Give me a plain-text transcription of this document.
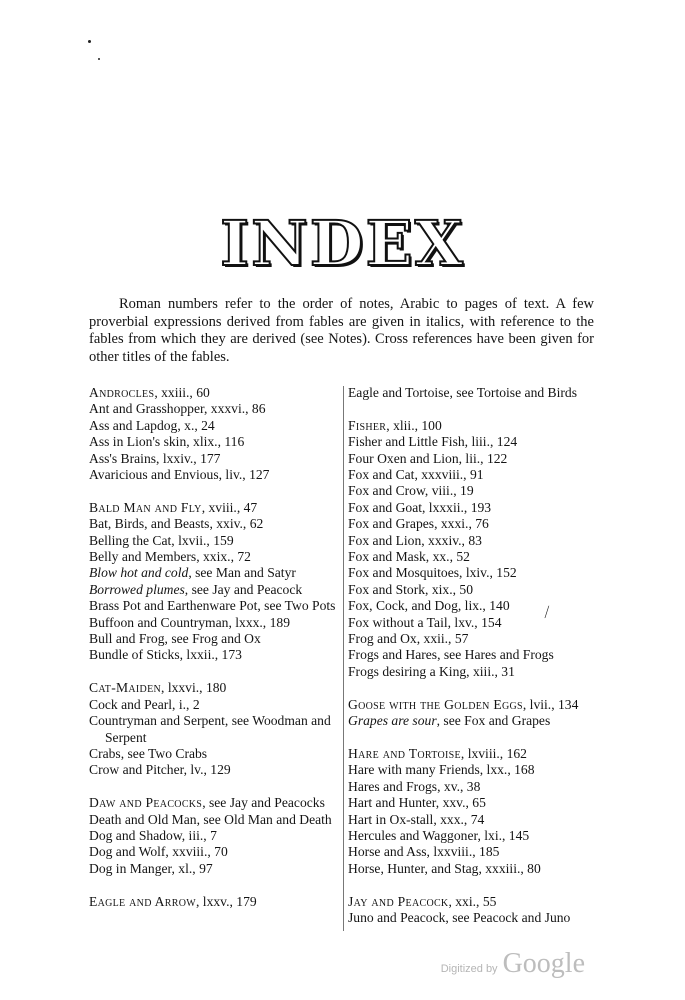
INDEX

Roman numbers refer to the order of notes, Arabic to pages of text. A few proverbial expressions derived from fables are given in italics, with reference to the fables from which they are derived (see Notes). Cross references have been given for other titles of the fables.

Androcles, xxiii., 60
Ant and Grasshopper, xxxvi., 86
Ass and Lapdog, x., 24
Ass in Lion's skin, xlix., 116
Ass's Brains, lxxiv., 177
Avaricious and Envious, liv., 127
Bald Man and Fly, xviii., 47
Bat, Birds, and Beasts, xxiv., 62
Belling the Cat, lxvii., 159
Belly and Members, xxix., 72
Blow hot and cold, see Man and Satyr
Borrowed plumes, see Jay and Peacock
Brass Pot and Earthenware Pot, see Two Pots
Buffoon and Countryman, lxxx., 189
Bull and Frog, see Frog and Ox
Bundle of Sticks, lxxii., 173
Cat-Maiden, lxxvi., 180
Cock and Pearl, i., 2
Countryman and Serpent, see Woodman and Serpent
Crabs, see Two Crabs
Crow and Pitcher, lv., 129
Daw and Peacocks, see Jay and Peacocks
Death and Old Man, see Old Man and Death
Dog and Shadow, iii., 7
Dog and Wolf, xxviii., 70
Dog in Manger, xl., 97
Eagle and Arrow, lxxv., 179
Eagle and Tortoise, see Tortoise and Birds
Fisher, xlii., 100
Fisher and Little Fish, liii., 124
Four Oxen and Lion, lii., 122
Fox and Cat, xxxviii., 91
Fox and Crow, viii., 19
Fox and Goat, lxxxii., 193
Fox and Grapes, xxxi., 76
Fox and Lion, xxxiv., 83
Fox and Mask, xx., 52
Fox and Mosquitoes, lxiv., 152
Fox and Stork, xix., 50
Fox, Cock, and Dog, lix., 140
Fox without a Tail, lxv., 154
Frog and Ox, xxii., 57
Frogs and Hares, see Hares and Frogs
Frogs desiring a King, xiii., 31
Goose with the Golden Eggs, lvii., 134
Grapes are sour, see Fox and Grapes
Hare and Tortoise, lxviii., 162
Hare with many Friends, lxx., 168
Hares and Frogs, xv., 38
Hart and Hunter, xxv., 65
Hart in Ox-stall, xxx., 74
Hercules and Waggoner, lxi., 145
Horse and Ass, lxxviii., 185
Horse, Hunter, and Stag, xxxiii., 80
Jay and Peacock, xxi., 55
Juno and Peacock, see Peacock and Juno
⁄
Digitized by Google
